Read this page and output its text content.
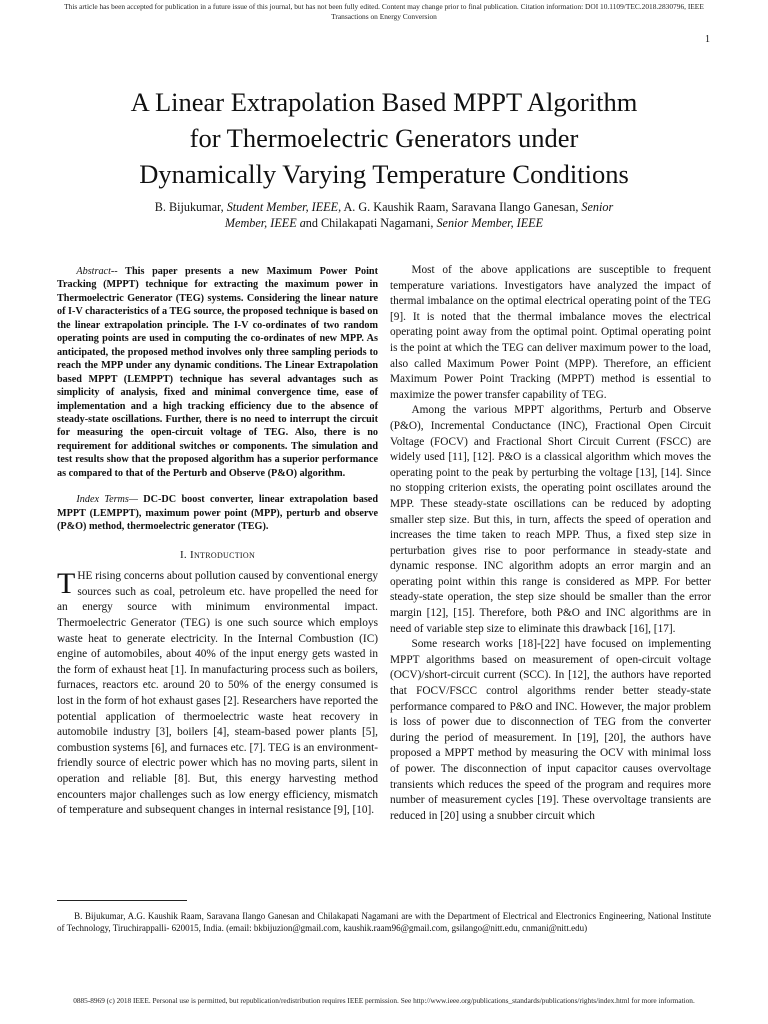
This article has been accepted for publication in a future issue of this journal, but has not been fully edited. Content may change prior to final publication. Citation information: DOI 10.1109/TEC.2018.2830796, IEEE
Transactions on Energy Conversion
1
A Linear Extrapolation Based MPPT Algorithm
for Thermoelectric Generators under
Dynamically Varying Temperature Conditions
B. Bijukumar, Student Member, IEEE, A. G. Kaushik Raam, Saravana Ilango Ganesan, Senior
Member, IEEE and Chilakapati Nagamani, Senior Member, IEEE

Abstract-- This paper presents a new Maximum Power Point Tracking (MPPT) technique for extracting the maximum power in Thermoelectric Generator (TEG) systems. Considering the linear nature of I-V characteristics of a TEG source, the proposed technique is based on the linear extrapolation principle. The I-V co-ordinates of two random operating points are used in computing the co-ordinates of new MPP. As anticipated, the proposed method involves only three sampling periods to reach the MPP under any dynamic conditions. The Linear Extrapolation based MPPT (LEMPPT) technique has several advantages such as simplicity of analysis, fixed and minimal convergence time, ease of implementation and a high tracking efficiency due to the absence of steady-state oscillations. Further, there is no need to interrupt the circuit for measuring the open-circuit voltage of TEG. Also, there is no requirement for additional switches or components. The simulation and test results show that the proposed algorithm has a superior performance as compared to that of the Perturb and Observe (P&O) algorithm.

Index Terms— DC-DC boost converter, linear extrapolation based MPPT (LEMPPT), maximum power point (MPP), perturb and observe (P&O) method, thermoelectric generator (TEG).

I. Introduction

THE rising concerns about pollution caused by conventional energy sources such as coal, petroleum etc. have propelled the need for an energy source with minimum environmental impact. Thermoelectric Generator (TEG) is one such source which employs waste heat to generate electricity. In the Internal Combustion (IC) engine of automobiles, about 40% of the input energy gets wasted in the form of exhaust heat [1]. In manufacturing process such as boilers, furnaces, reactors etc. around 20 to 50% of the energy consumed is lost in the form of hot exhaust gases [2]. Researchers have reported the potential application of thermoelectric waste heat recovery in automobile industry [3], boilers [4], steam-based power plants [5], combustion systems [6], and furnaces etc. [7]. TEG is an environment-friendly source of electric power which has no moving parts, silent in operation and reliable [8]. But, this energy harvesting method encounters major challenges such as low energy efficiency, mismatch of temperature and subsequent changes in internal resistance [9], [10].

Most of the above applications are susceptible to frequent temperature variations. Investigators have analyzed the impact of thermal imbalance on the optimal electrical operating point of the TEG [9]. It is noted that the thermal imbalance moves the electrical operating point away from the optimal point. Optimal operating point is the point at which the TEG can deliver maximum power to the load, also called Maximum Power Point (MPP). Therefore, an efficient Maximum Power Point Tracking (MPPT) method is essential to maximize the power transfer capability of TEG.

Among the various MPPT algorithms, Perturb and Observe (P&O), Incremental Conductance (INC), Fractional Open Circuit Voltage (FOCV) and Fractional Short Circuit Current (FSCC) are widely used [11], [12]. P&O is a classical algorithm which moves the operating point to the peak by perturbing the voltage [13], [14]. Since no stopping criterion exists, the operating point oscillates around the MPP. These steady-state oscillations can be reduced by adopting smaller step size. But this, in turn, affects the speed of operation and increases the time taken to reach MPP. Thus, a fixed step size in perturbation gives rise to poor performance in steady-state and dynamic response. INC algorithm adopts an error margin and an operating point within this range is considered as MPP. For better steady-state operation, the step size should be smaller than the error margin [12], [15]. Therefore, both P&O and INC algorithms are in need of variable step size to eliminate this drawback [16], [17].

Some research works [18]-[22] have focused on implementing MPPT algorithms based on measurement of open-circuit voltage (OCV)/short-circuit current (SCC). In [12], the authors have reported that FOCV/FSCC control algorithms render better steady-state performance compared to P&O and INC. However, the major problem is loss of power due to disconnection of TEG from the converter during the period of measurement. In [19], [20], the authors have proposed a MPPT method by measuring the OCV with minimal loss of power. The disconnection of input capacitor causes overvoltage transients which reduces the speed of the program and requires more number of measurement cycles [19]. These overvoltage transients are reduced in [20] using a snubber circuit which

B. Bijukumar, A.G. Kaushik Raam, Saravana Ilango Ganesan and Chilakapati Nagamani are with the Department of Electrical and Electronics Engineering, National Institute of Technology, Tiruchirappalli- 620015, India. (email: bkbijuzion@gmail.com, kaushik.raam96@gmail.com, gsilango@nitt.edu, cnmani@nitt.edu)
0885-8969 (c) 2018 IEEE. Personal use is permitted, but republication/redistribution requires IEEE permission. See http://www.ieee.org/publications_standards/publications/rights/index.html for more information.
